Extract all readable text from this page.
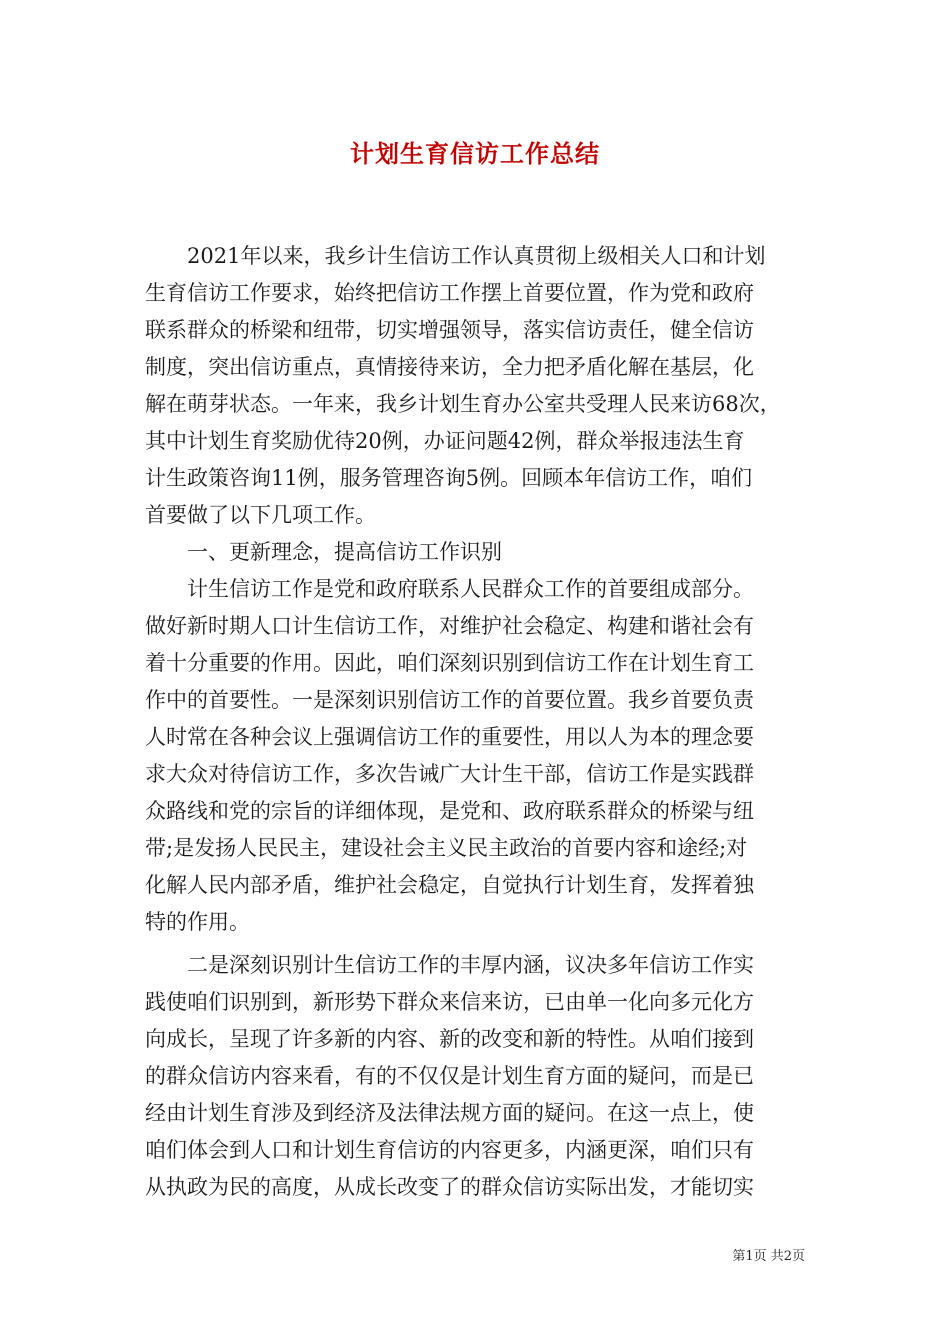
计划生育信访工作总结
　　2021年以来，我乡计生信访工作认真贯彻上级相关人口和计划
生育信访工作要求，始终把信访工作摆上首要位置，作为党和政府
联系群众的桥梁和纽带，切实增强领导，落实信访责任，健全信访
制度，突出信访重点，真情接待来访，全力把矛盾化解在基层，化
解在萌芽状态。一年来，我乡计划生育办公室共受理人民来访68次，
其中计划生育奖励优待20例，办证问题42例，群众举报违法生育
计生政策咨询11例，服务管理咨询5例。回顾本年信访工作，咱们
首要做了以下几项工作。
　　一、更新理念，提高信访工作识别
　　计生信访工作是党和政府联系人民群众工作的首要组成部分。
做好新时期人口计生信访工作，对维护社会稳定、构建和谐社会有
着十分重要的作用。因此，咱们深刻识别到信访工作在计划生育工
作中的首要性。一是深刻识别信访工作的首要位置。我乡首要负责
人时常在各种会议上强调信访工作的重要性，用以人为本的理念要
求大众对待信访工作，多次告诫广大计生干部，信访工作是实践群
众路线和党的宗旨的详细体现，是党和、政府联系群众的桥梁与纽
带;是发扬人民民主，建设社会主义民主政治的首要内容和途经;对
化解人民内部矛盾，维护社会稳定，自觉执行计划生育，发挥着独
特的作用。
　　二是深刻识别计生信访工作的丰厚内涵，议决多年信访工作实
践使咱们识别到，新形势下群众来信来访，已由单一化向多元化方
向成长，呈现了许多新的内容、新的改变和新的特性。从咱们接到
的群众信访内容来看，有的不仅仅是计划生育方面的疑问，而是已
经由计划生育涉及到经济及法律法规方面的疑问。在这一点上，使
咱们体会到人口和计划生育信访的内容更多，内涵更深，咱们只有
从执政为民的高度，从成长改变了的群众信访实际出发，才能切实
第1页 共2页
